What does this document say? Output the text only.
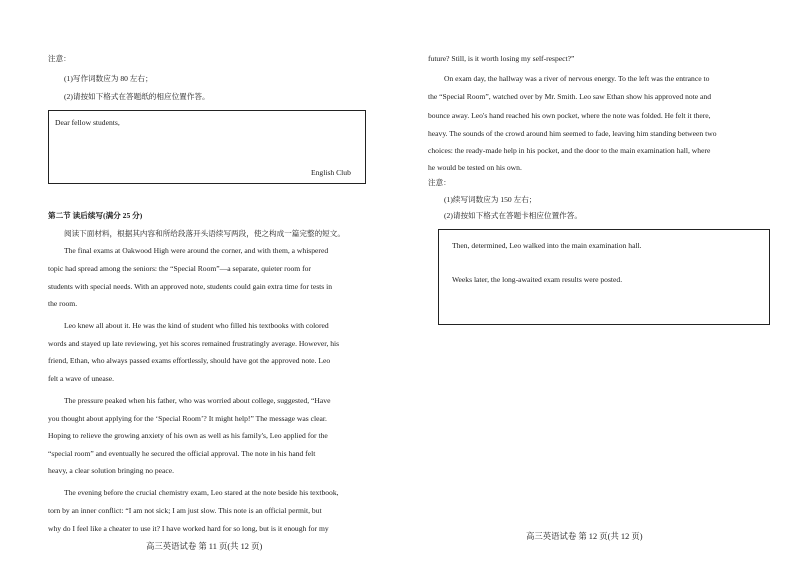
注意：

(1)写作词数应为 80 左右；

(2)请按如下格式在答题纸的相应位置作答。

Dear fellow students,

English Club

第二节 读后续写(满分 25 分)

阅读下面材料，根据其内容和所给段落开头语续写两段，使之构成一篇完整的短文。

The final exams at Oakwood High were around the corner, and with them, a whispered

topic had spread among the seniors: the “Special Room”—a separate, quieter room for

students with special needs. With an approved note, students could gain extra time for tests in

the room.

Leo knew all about it. He was the kind of student who filled his textbooks with colored

words and stayed up late reviewing, yet his scores remained frustratingly average. However, his

friend, Ethan, who always passed exams effortlessly, should have got the approved note. Leo

felt a wave of unease.

The pressure peaked when his father, who was worried about college, suggested, “Have

you thought about applying for the ‘Special Room’? It might help!” The message was clear.

Hoping to relieve the growing anxiety of his own as well as his family's, Leo applied for the

“special room” and eventually he secured the official approval. The note in his hand felt

heavy, a clear solution bringing no peace.

The evening before the crucial chemistry exam, Leo stared at the note beside his textbook,

torn by an inner conflict: “I am not sick; I am just slow. This note is an official permit, but

why do I feel like a cheater to use it? I have worked hard for so long, but is it enough for my

高三英语试卷 第 11 页(共 12 页)

future? Still, is it worth losing my self-respect?”

On exam day, the hallway was a river of nervous energy. To the left was the entrance to

the “Special Room”, watched over by Mr. Smith. Leo saw Ethan show his approved note and

bounce away. Leo's hand reached his own pocket, where the note was folded. He felt it there,

heavy. The sounds of the crowd around him seemed to fade, leaving him standing between two

choices: the ready-made help in his pocket, and the door to the main examination hall, where

he would be tested on his own.

注意：

(1)续写词数应为 150 左右；

(2)请按如下格式在答题卡相应位置作答。

Then, determined, Leo walked into the main examination hall.

Weeks later, the long-awaited exam results were posted.

高三英语试卷 第 12 页(共 12 页)
